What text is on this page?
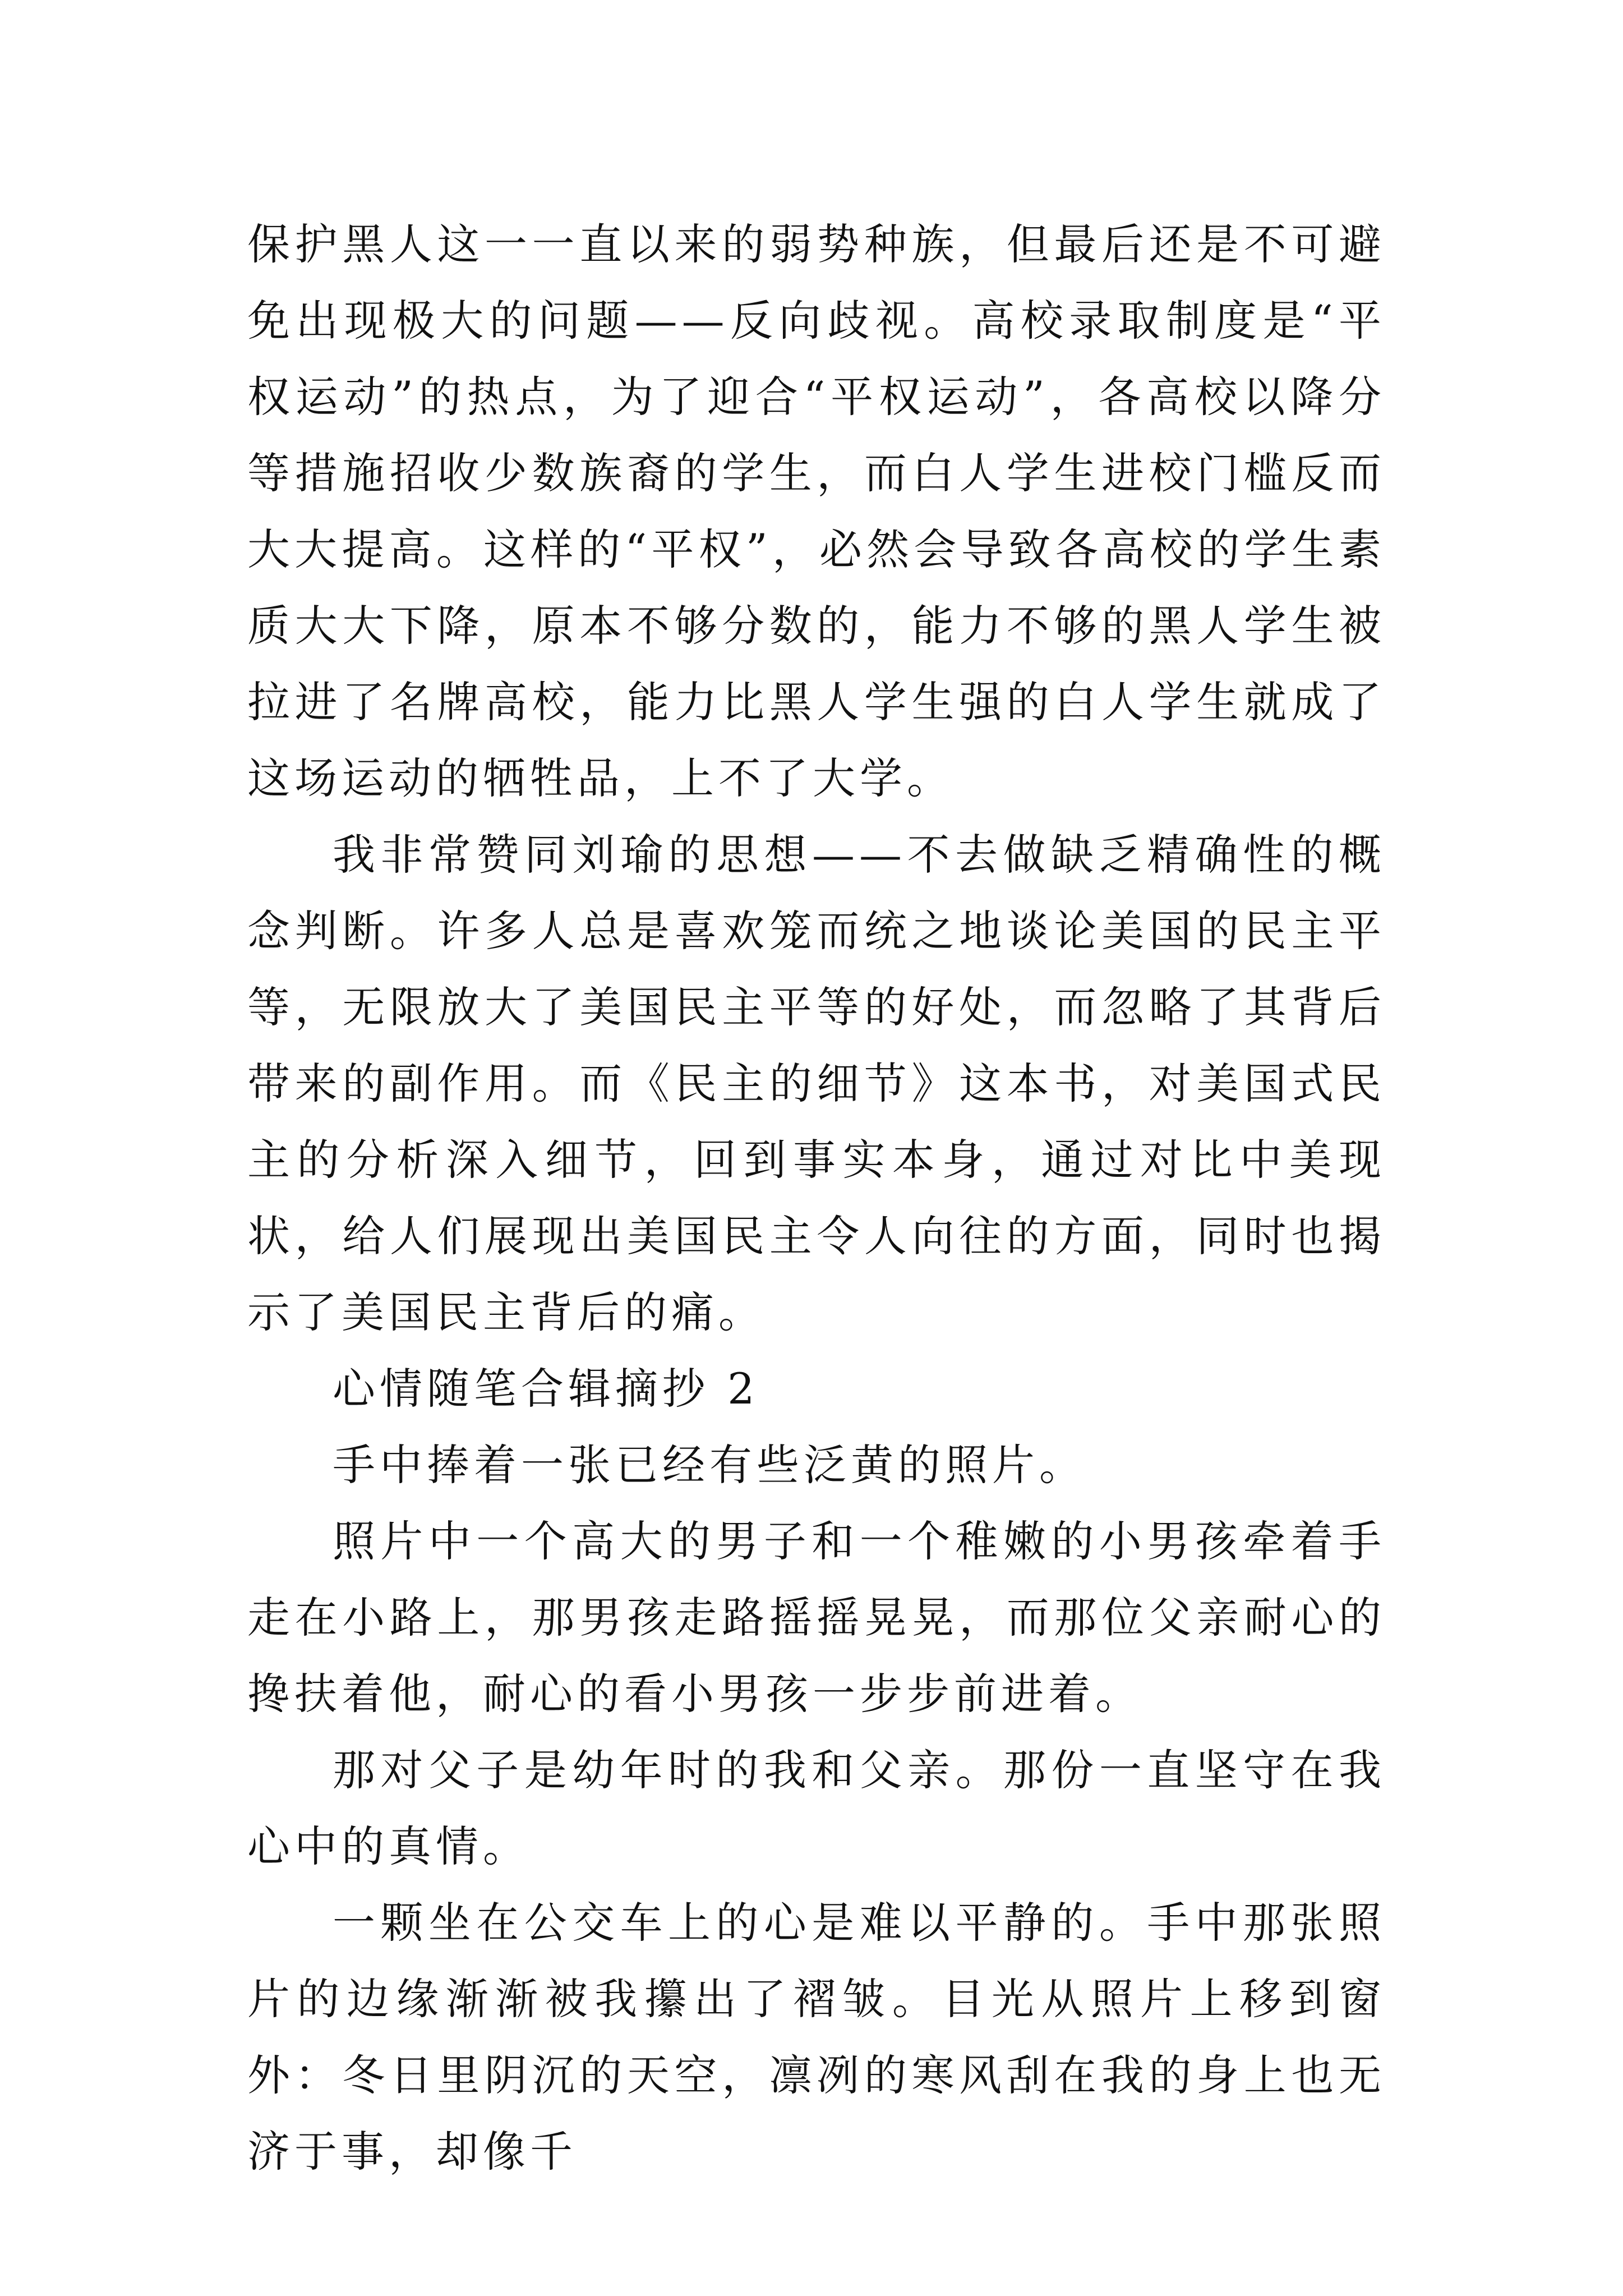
保护黑人这一一直以来的弱势种族，但最后还是不可避免出现极大的问题——反向歧视。高校录取制度是“平权运动”的热点，为了迎合“平权运动”，各高校以降分等措施招收少数族裔的学生，而白人学生进校门槛反而大大提高。这样的“平权”，必然会导致各高校的学生素质大大下降，原本不够分数的，能力不够的黑人学生被拉进了名牌高校，能力比黑人学生强的白人学生就成了这场运动的牺牲品，上不了大学。

我非常赞同刘瑜的思想——不去做缺乏精确性的概念判断。许多人总是喜欢笼而统之地谈论美国的民主平等，无限放大了美国民主平等的好处，而忽略了其背后带来的副作用。而《民主的细节》这本书，对美国式民主的分析深入细节，回到事实本身，通过对比中美现状，给人们展现出美国民主令人向往的方面，同时也揭示了美国民主背后的痛。

心情随笔合辑摘抄 2

手中捧着一张已经有些泛黄的照片。

照片中一个高大的男子和一个稚嫩的小男孩牵着手走在小路上，那男孩走路摇摇晃晃，而那位父亲耐心的搀扶着他，耐心的看小男孩一步步前进着。

那对父子是幼年时的我和父亲。那份一直坚守在我心中的真情。

一颗坐在公交车上的心是难以平静的。手中那张照片的边缘渐渐被我攥出了褶皱。目光从照片上移到窗外：冬日里阴沉的天空，凛冽的寒风刮在我的身上也无济于事，却像千
